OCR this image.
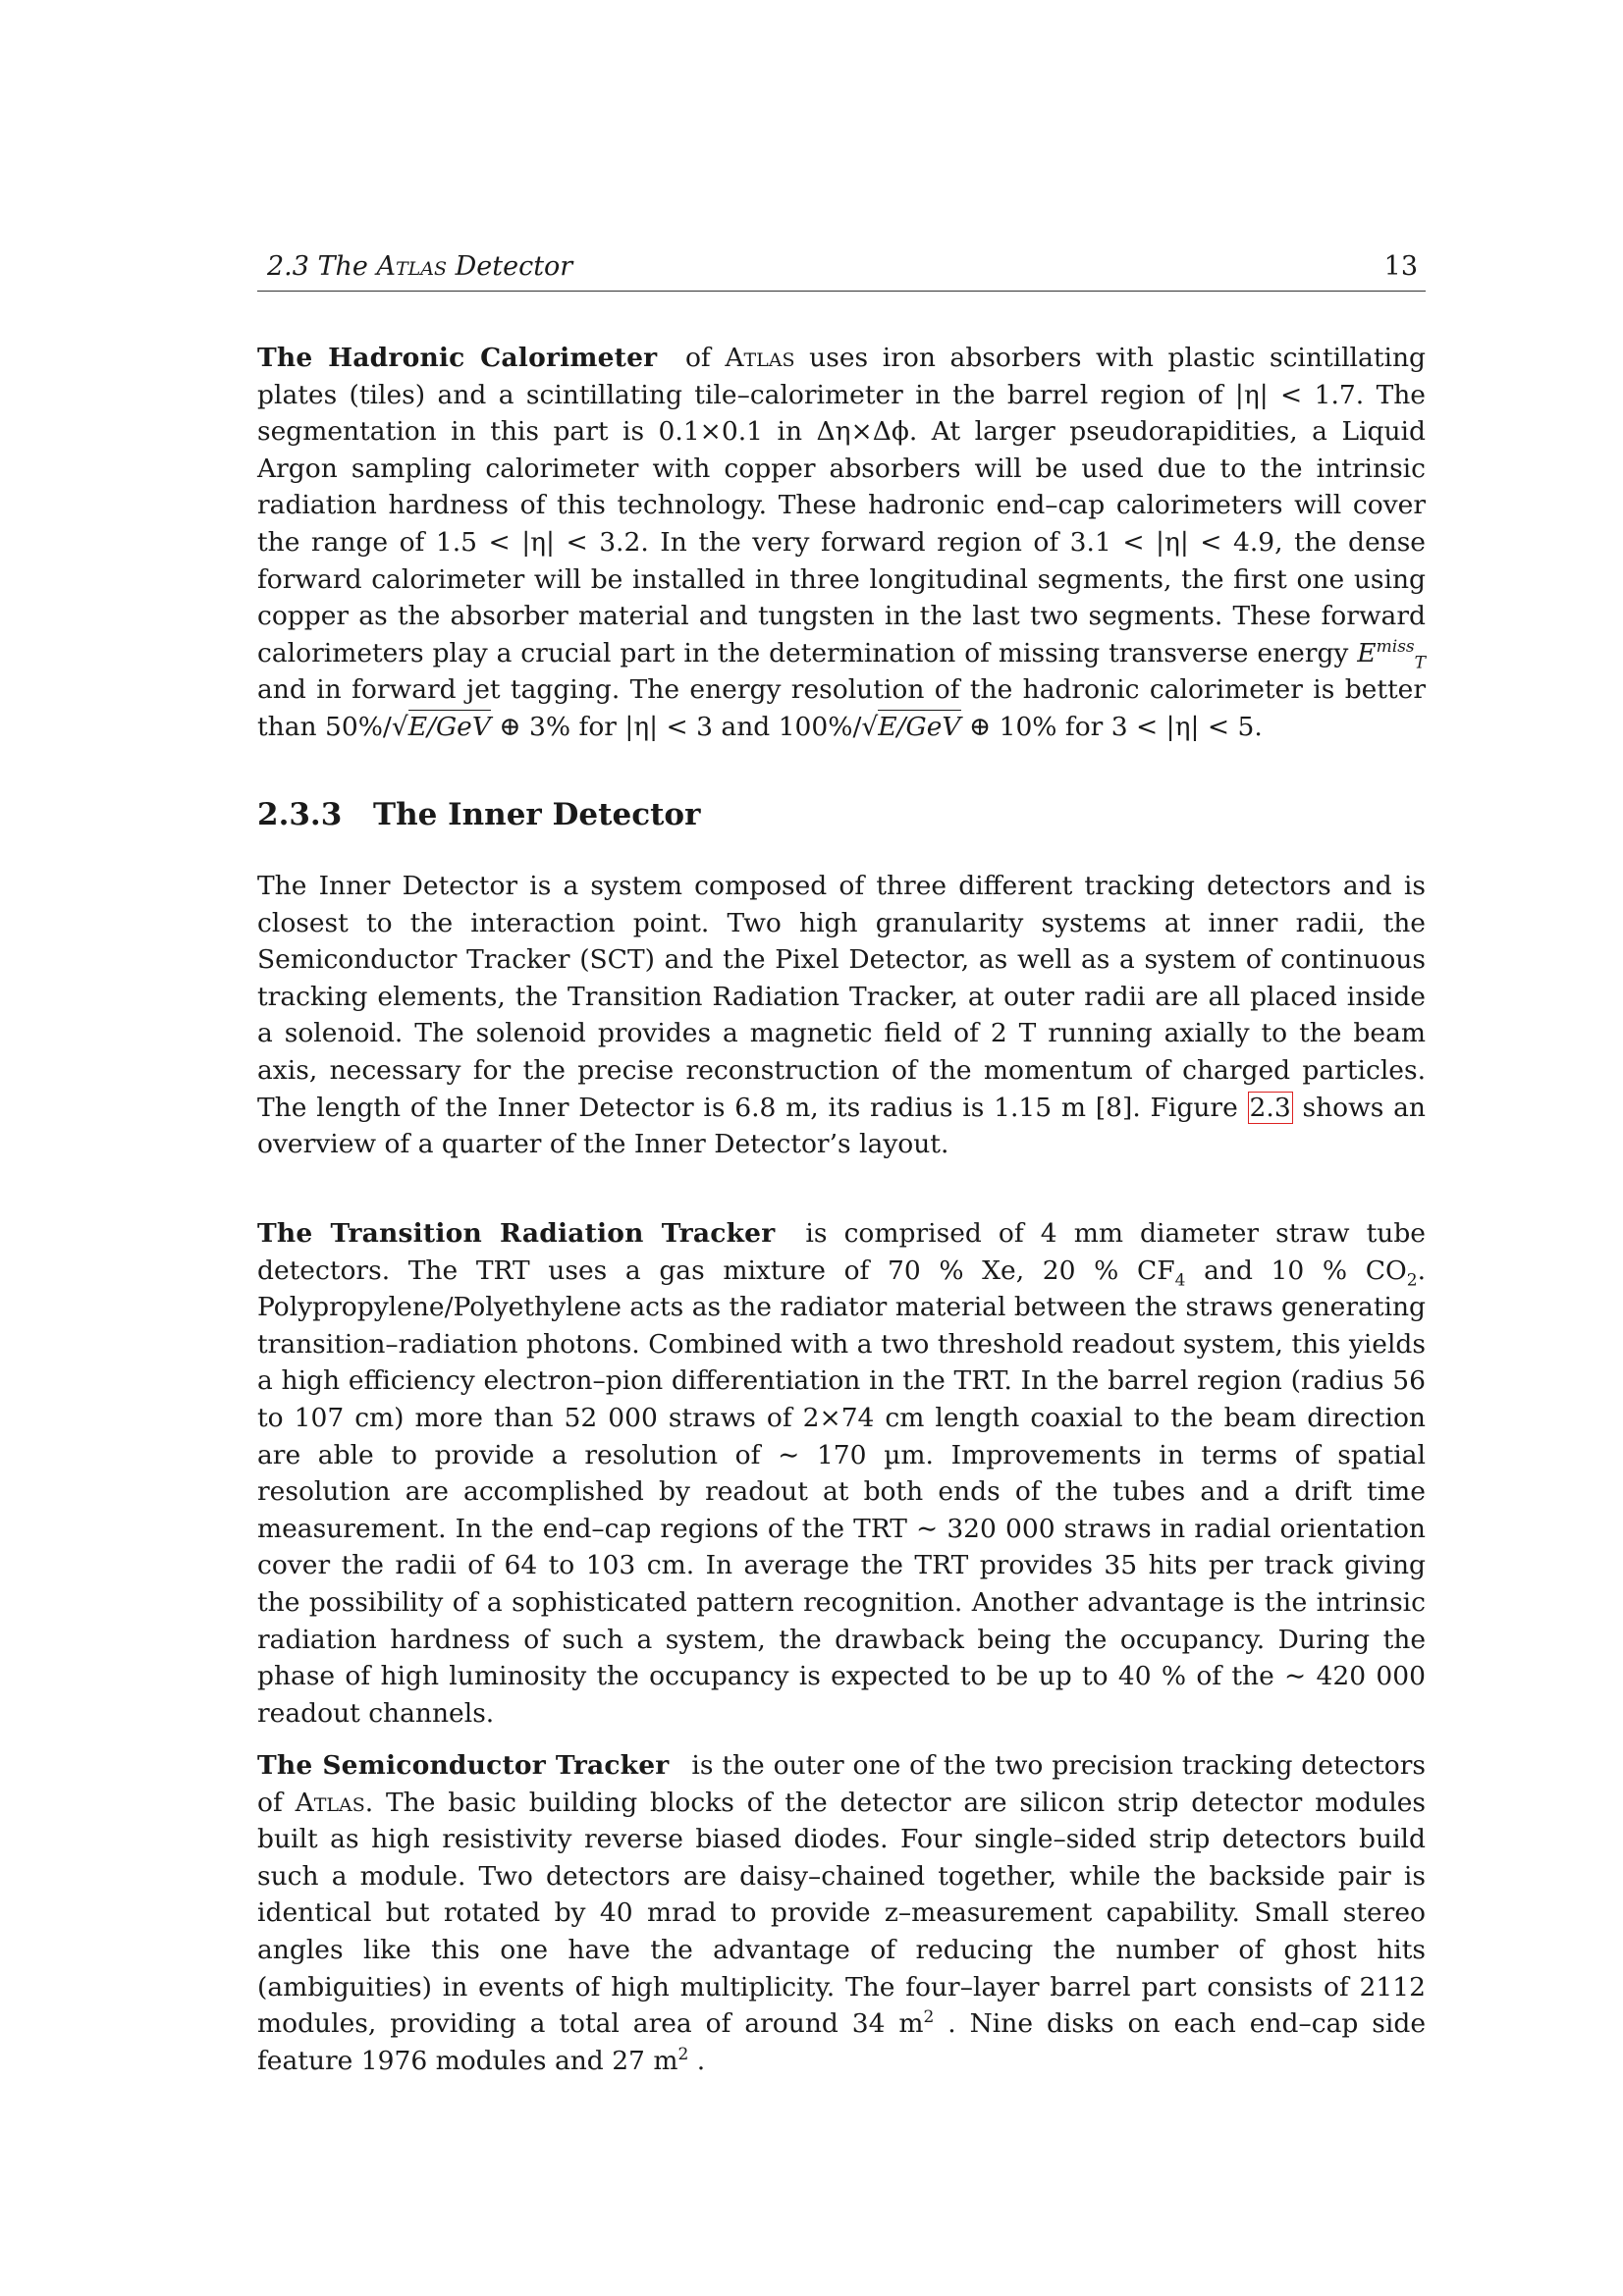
2.3 The Atlas Detector	13
The Hadronic Calorimeter of Atlas uses iron absorbers with plastic scintillating plates (tiles) and a scintillating tile–calorimeter in the barrel region of |η| < 1.7. The segmentation in this part is 0.1×0.1 in Δη×Δϕ. At larger pseudorapidities, a Liquid Argon sampling calorimeter with copper absorbers will be used due to the intrinsic radiation hardness of this technology. These hadronic end–cap calorimeters will cover the range of 1.5 < |η| < 3.2. In the very forward region of 3.1 < |η| < 4.9, the dense forward calorimeter will be installed in three longitudinal segments, the first one using copper as the absorber material and tungsten in the last two segments. These forward calorimeters play a crucial part in the determination of missing transverse energy $E^{miss}_T$ and in forward jet tagging. The energy resolution of the hadronic calorimeter is better than 50%/√E/GeV ⊕ 3% for |η| < 3 and 100%/√E/GeV ⊕ 10% for 3 < |η| < 5.
2.3.3 The Inner Detector
The Inner Detector is a system composed of three different tracking detectors and is closest to the interaction point. Two high granularity systems at inner radii, the Semiconductor Tracker (SCT) and the Pixel Detector, as well as a system of continuous tracking elements, the Transition Radiation Tracker, at outer radii are all placed inside a solenoid. The solenoid provides a magnetic field of 2 T running axially to the beam axis, necessary for the precise reconstruction of the momentum of charged particles. The length of the Inner Detector is 6.8 m, its radius is 1.15 m [8]. Figure 2.3 shows an overview of a quarter of the Inner Detector’s layout.
The Transition Radiation Tracker is comprised of 4 mm diameter straw tube detectors. The TRT uses a gas mixture of 70 % Xe, 20 % $CF_4$ and 10 % $CO_2$. Polypropylene/Polyethylene acts as the radiator material between the straws generating transition–radiation photons. Combined with a two threshold readout system, this yields a high efficiency electron–pion differentiation in the TRT. In the barrel region (radius 56 to 107 cm) more than 52 000 straws of 2×74 cm length coaxial to the beam direction are able to provide a resolution of ∼ 170 µm. Improvements in terms of spatial resolution are accomplished by readout at both ends of the tubes and a drift time measurement. In the end–cap regions of the TRT ∼ 320 000 straws in radial orientation cover the radii of 64 to 103 cm. In average the TRT provides 35 hits per track giving the possibility of a sophisticated pattern recognition. Another advantage is the intrinsic radiation hardness of such a system, the drawback being the occupancy. During the phase of high luminosity the occupancy is expected to be up to 40 % of the ∼ 420 000 readout channels.
The Semiconductor Tracker is the outer one of the two precision tracking detectors of Atlas. The basic building blocks of the detector are silicon strip detector modules built as high resistivity reverse biased diodes. Four single–sided strip detectors build such a module. Two detectors are daisy–chained together, while the backside pair is identical but rotated by 40 mrad to provide z–measurement capability. Small stereo angles like this one have the advantage of reducing the number of ghost hits (ambiguities) in events of high multiplicity. The four–layer barrel part consists of 2112 modules, providing a total area of around 34 $m^2$ . Nine disks on each end–cap side feature 1976 modules and 27 $m^2$ .
